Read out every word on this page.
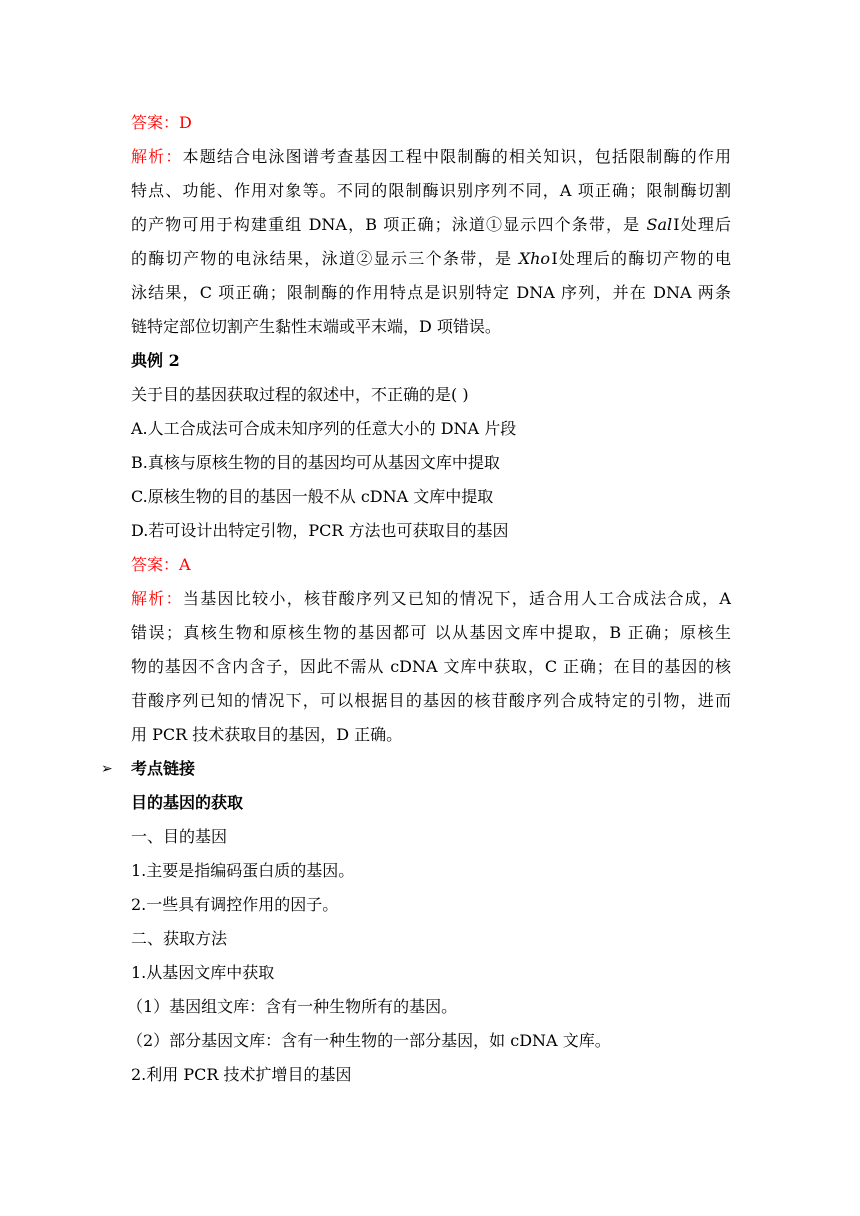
答案：D
解析：本题结合电泳图谱考查基因工程中限制酶的相关知识，包括限制酶的作用
特点、功能、作用对象等。不同的限制酶识别序列不同，A 项正确；限制酶切割
的产物可用于构建重组 DNA，B 项正确；泳道①显示四个条带，是 SalⅠ处理后
的酶切产物的电泳结果，泳道②显示三个条带，是 XhoⅠ处理后的酶切产物的电
泳结果，C 项正确；限制酶的作用特点是识别特定 DNA 序列，并在 DNA 两条
链特定部位切割产生黏性末端或平末端，D 项错误。
典例 2
关于目的基因获取过程的叙述中，不正确的是( )
A.人工合成法可合成未知序列的任意大小的 DNA 片段
B.真核与原核生物的目的基因均可从基因文库中提取
C.原核生物的目的基因一般不从 cDNA 文库中提取
D.若可设计出特定引物，PCR 方法也可获取目的基因
答案：A
解析：当基因比较小，核苷酸序列又已知的情况下，适合用人工合成法合成，A
错误；真核生物和原核生物的基因都可 以从基因文库中提取，B 正确；原核生
物的基因不含内含子，因此不需从 cDNA 文库中获取，C 正确；在目的基因的核
苷酸序列已知的情况下，可以根据目的基因的核苷酸序列合成特定的引物，进而
用 PCR 技术获取目的基因，D 正确。
➢ 考点链接
目的基因的获取
一、目的基因
1.主要是指编码蛋白质的基因。
2.一些具有调控作用的因子。
二、获取方法
1.从基因文库中获取
（1）基因组文库：含有一种生物所有的基因。
（2）部分基因文库：含有一种生物的一部分基因，如 cDNA 文库。
2.利用 PCR 技术扩增目的基因
